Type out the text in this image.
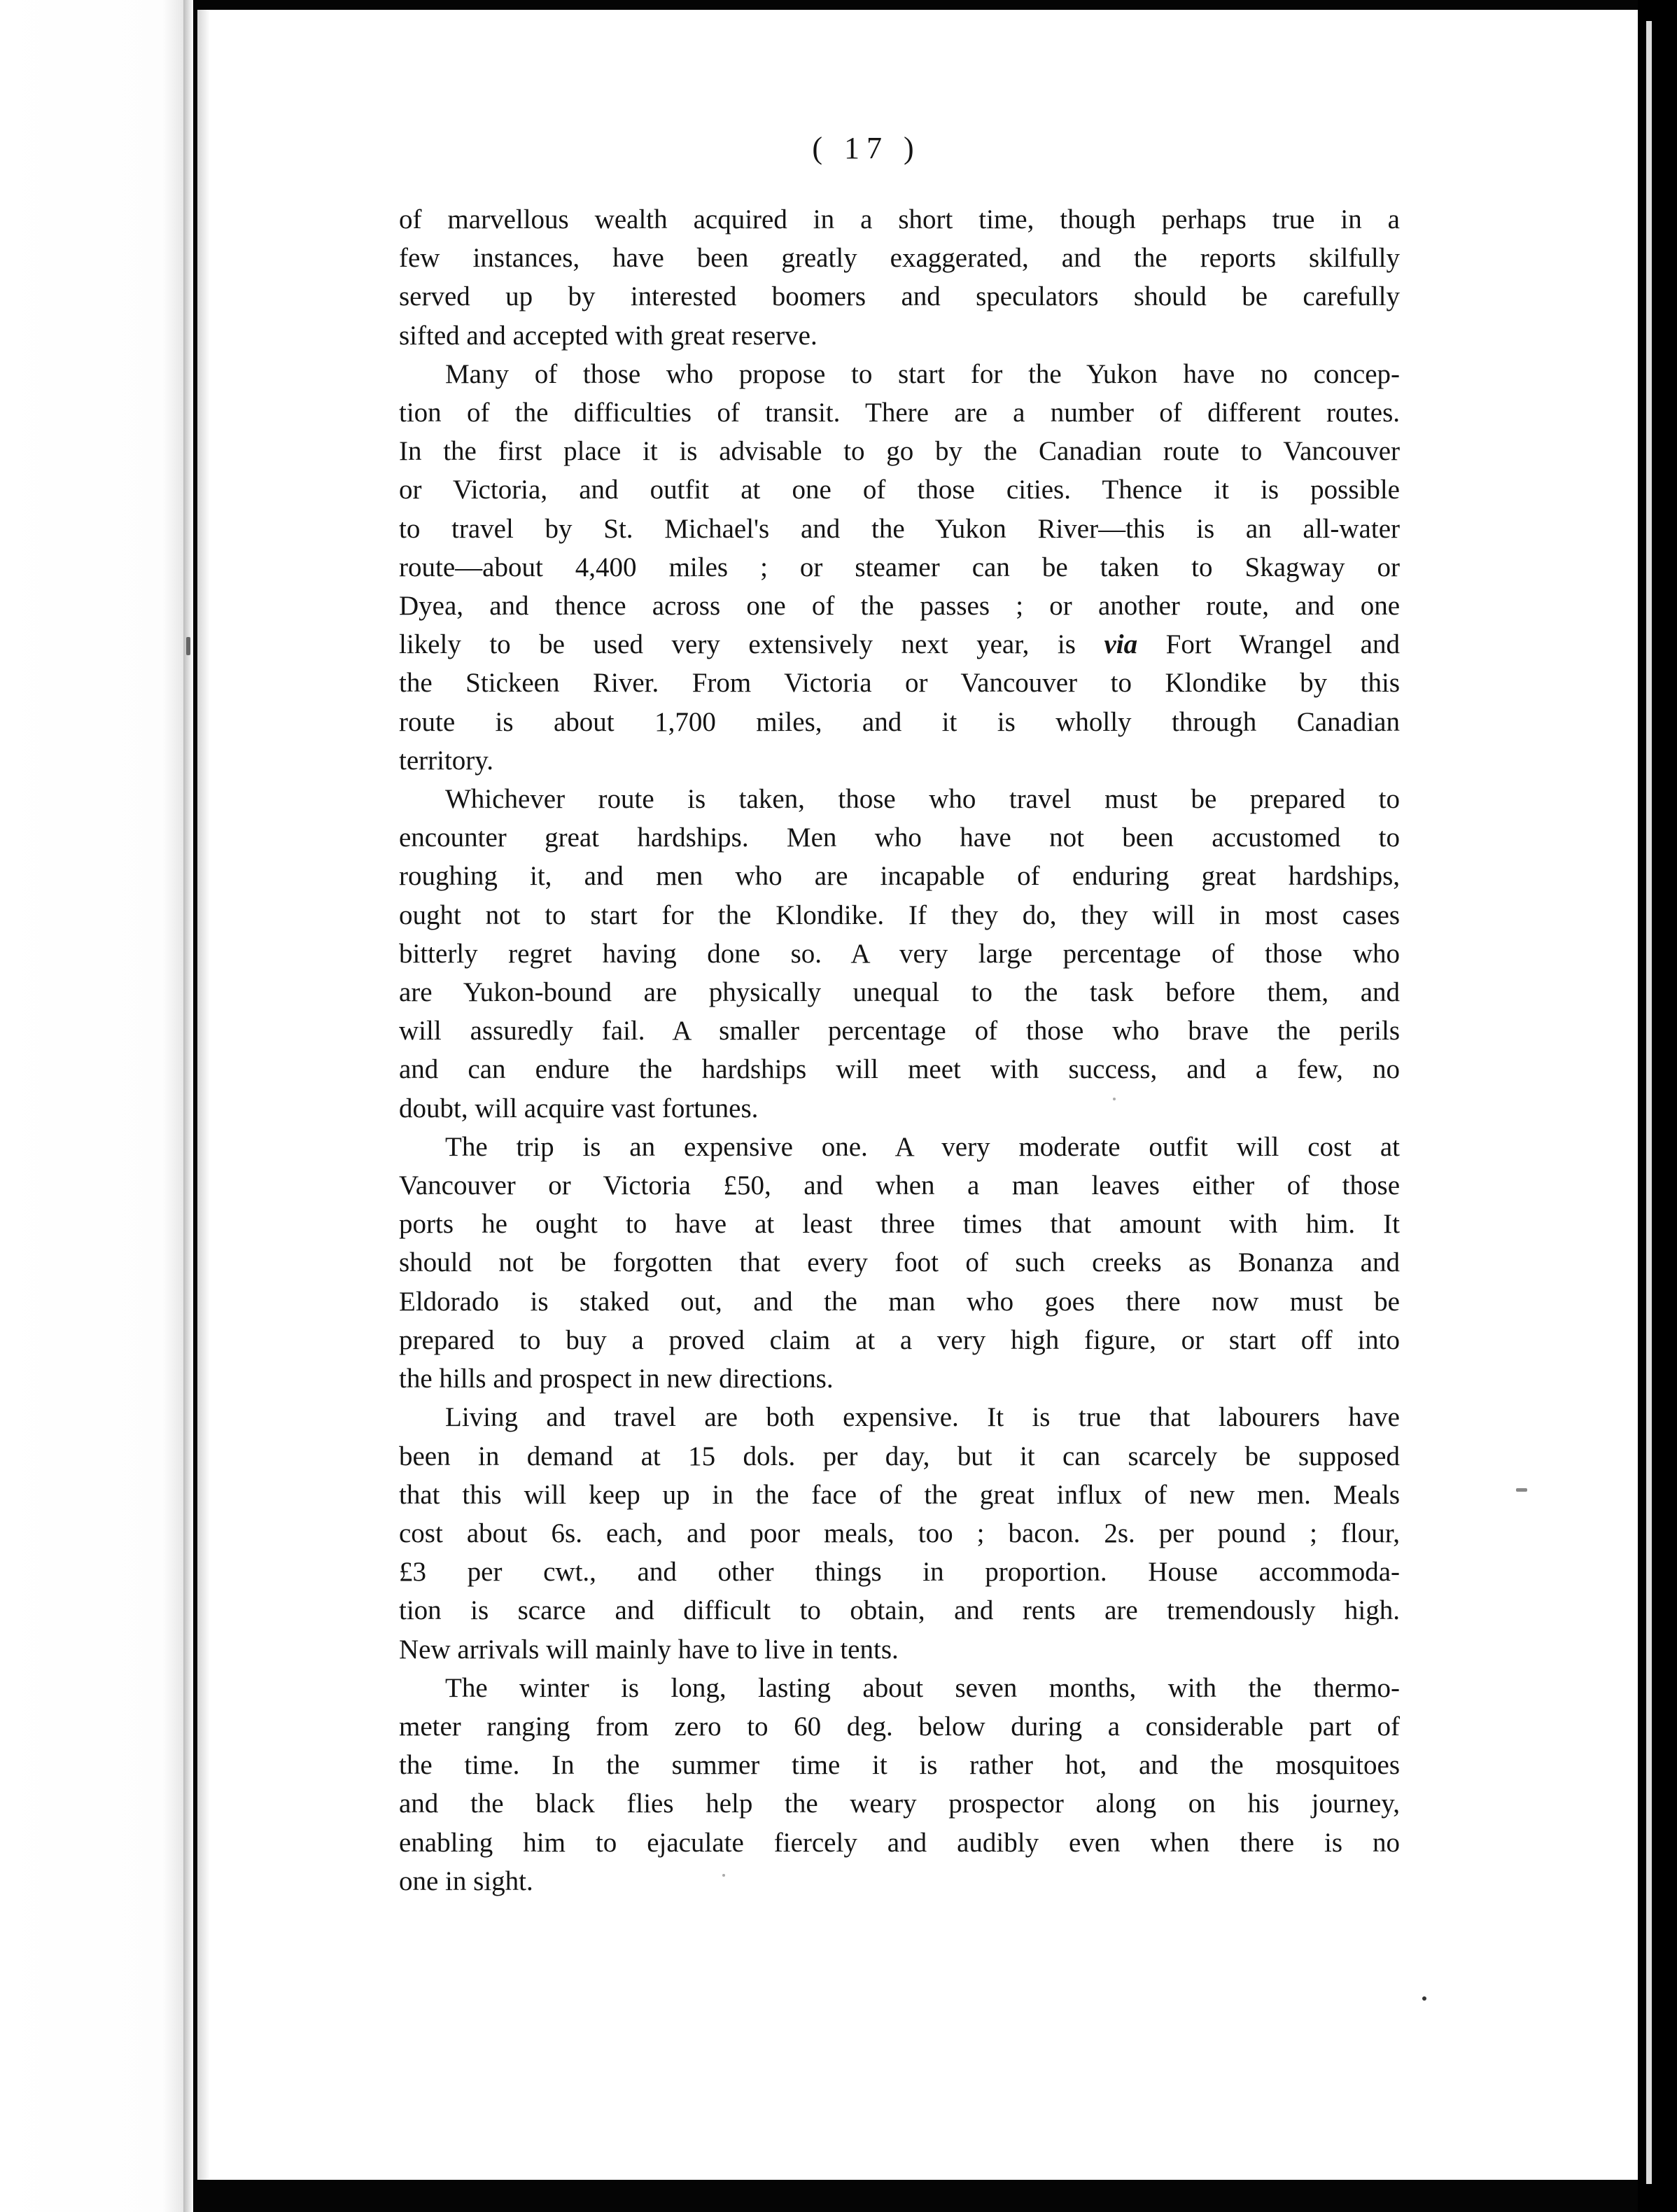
( 17 )

of marvellous wealth acquired in a short time, though perhaps true in a

few instances, have been greatly exaggerated, and the reports skilfully

served up by interested boomers and speculators should be carefully

sifted and accepted with great reserve.

Many of those who propose to start for the Yukon have no concep-

tion of the difficulties of transit. There are a number of different routes.

In the first place it is advisable to go by the Canadian route to Vancouver

or Victoria, and outfit at one of those cities. Thence it is possible

to travel by St. Michael's and the Yukon River—this is an all-water

route—about 4,400 miles ; or steamer can be taken to Skagway or

Dyea, and thence across one of the passes ; or another route, and one

likely to be used very extensively next year, is via Fort Wrangel and

the Stickeen River. From Victoria or Vancouver to Klondike by this

route is about 1,700 miles, and it is wholly through Canadian

territory.

Whichever route is taken, those who travel must be prepared to

encounter great hardships. Men who have not been accustomed to

roughing it, and men who are incapable of enduring great hardships,

ought not to start for the Klondike. If they do, they will in most cases

bitterly regret having done so. A very large percentage of those who

are Yukon-bound are physically unequal to the task before them, and

will assuredly fail. A smaller percentage of those who brave the perils

and can endure the hardships will meet with success, and a few, no

doubt, will acquire vast fortunes.

The trip is an expensive one. A very moderate outfit will cost at

Vancouver or Victoria £50, and when a man leaves either of those

ports he ought to have at least three times that amount with him. It

should not be forgotten that every foot of such creeks as Bonanza and

Eldorado is staked out, and the man who goes there now must be

prepared to buy a proved claim at a very high figure, or start off into

the hills and prospect in new directions.

Living and travel are both expensive. It is true that labourers have

been in demand at 15 dols. per day, but it can scarcely be supposed

that this will keep up in the face of the great influx of new men. Meals

cost about 6s. each, and poor meals, too ; bacon. 2s. per pound ; flour,

£3 per cwt., and other things in proportion. House accommoda-

tion is scarce and difficult to obtain, and rents are tremendously high.

New arrivals will mainly have to live in tents.

The winter is long, lasting about seven months, with the thermo-

meter ranging from zero to 60 deg. below during a considerable part of

the time. In the summer time it is rather hot, and the mosquitoes

and the black flies help the weary prospector along on his journey,

enabling him to ejaculate fiercely and audibly even when there is no

one in sight.
